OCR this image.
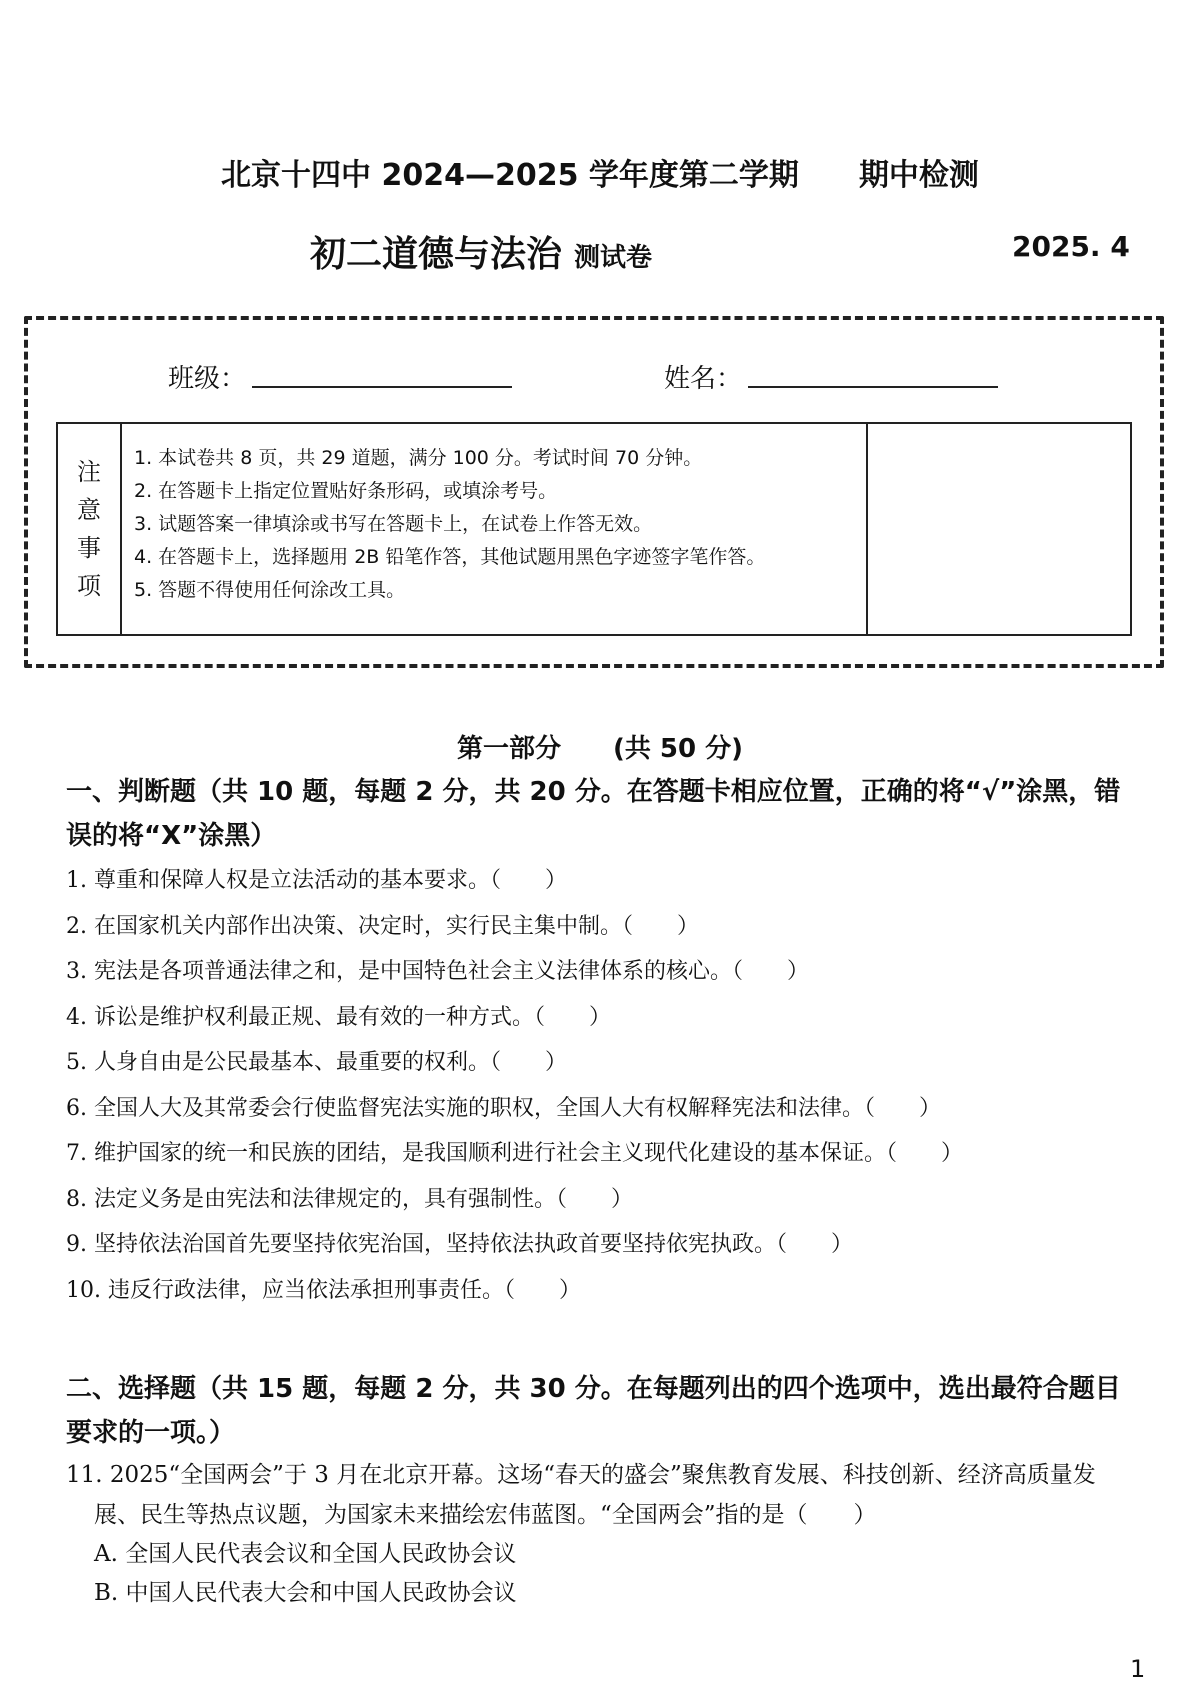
北京十四中 2024—2025 学年度第二学期 期中检测
初二道德与法治 测试卷	2025. 4
班级：	姓名：
注
意
事
项
1. 本试卷共 8 页，共 29 道题，满分 100 分。考试时间 70 分钟。
2. 在答题卡上指定位置贴好条形码，或填涂考号。
3. 试题答案一律填涂或书写在答题卡上，在试卷上作答无效。
4. 在答题卡上，选择题用 2B 铅笔作答，其他试题用黑色字迹签字笔作答。
5. 答题不得使用任何涂改工具。
第一部分　　(共 50 分)
一、判断题（共 10 题，每题 2 分，共 20 分。在答题卡相应位置，正确的将“√”涂黑，错误的将“X”涂黑）
1. 尊重和保障人权是立法活动的基本要求。（　　）
2. 在国家机关内部作出决策、决定时，实行民主集中制。（　　）
3. 宪法是各项普通法律之和，是中国特色社会主义法律体系的核心。（　　）
4. 诉讼是维护权利最正规、最有效的一种方式。（　　）
5. 人身自由是公民最基本、最重要的权利。（　　）
6. 全国人大及其常委会行使监督宪法实施的职权，全国人大有权解释宪法和法律。（　　）
7. 维护国家的统一和民族的团结，是我国顺利进行社会主义现代化建设的基本保证。（　　）
8. 法定义务是由宪法和法律规定的，具有强制性。（　　）
9. 坚持依法治国首先要坚持依宪治国，坚持依法执政首要坚持依宪执政。（　　）
10. 违反行政法律，应当依法承担刑事责任。（　　）
二、选择题（共 15 题，每题 2 分，共 30 分。在每题列出的四个选项中，选出最符合题目要求的一项。）
11. 2025“全国两会”于 3 月在北京开幕。这场“春天的盛会”聚焦教育发展、科技创新、经济高质量发展、民生等热点议题，为国家未来描绘宏伟蓝图。“全国两会”指的是（　　）
A. 全国人民代表会议和全国人民政协会议
B. 中国人民代表大会和中国人民政协会议
1
